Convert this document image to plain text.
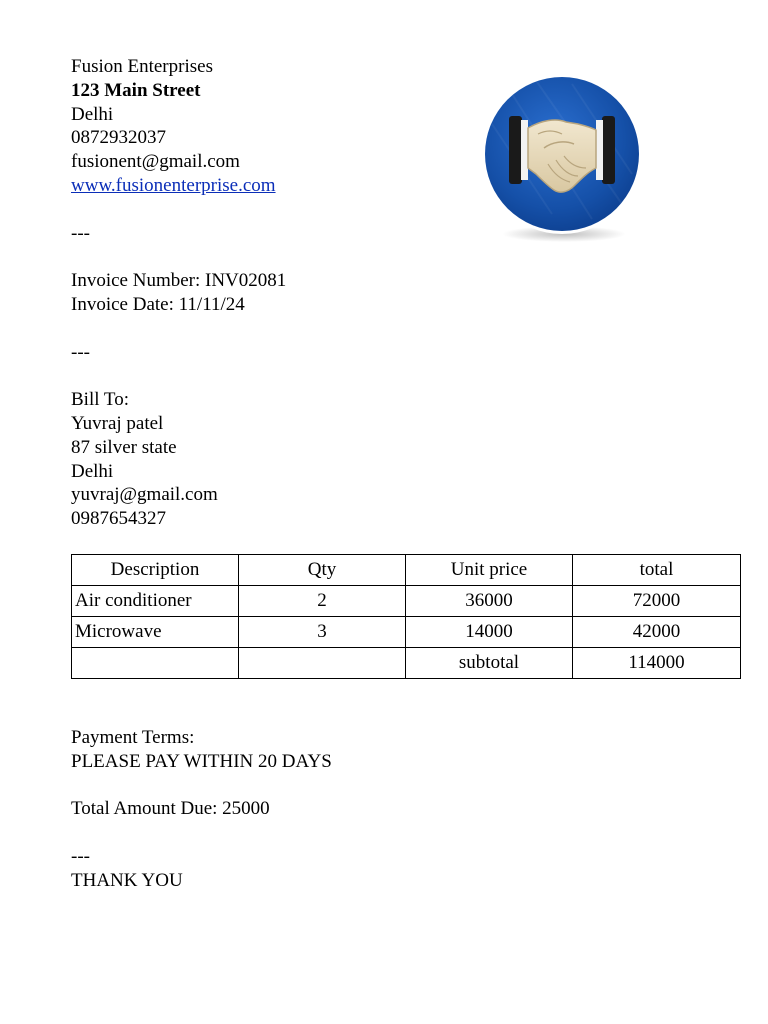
Fusion Enterprises
123 Main Street
Delhi
0872932037
fusionent@gmail.com
www.fusionenterprise.com
---
Invoice Number: INV02081
Invoice Date: 11/11/24
---
Bill To:
Yuvraj patel
87 silver state
Delhi
yuvraj@gmail.com
0987654327
Description	Qty	Unit price	total
Air conditioner	2	36000	72000
Microwave	3	14000	42000
		subtotal	114000
Payment Terms:
PLEASE PAY WITHIN 20 DAYS
Total Amount Due: 25000
---
THANK YOU
